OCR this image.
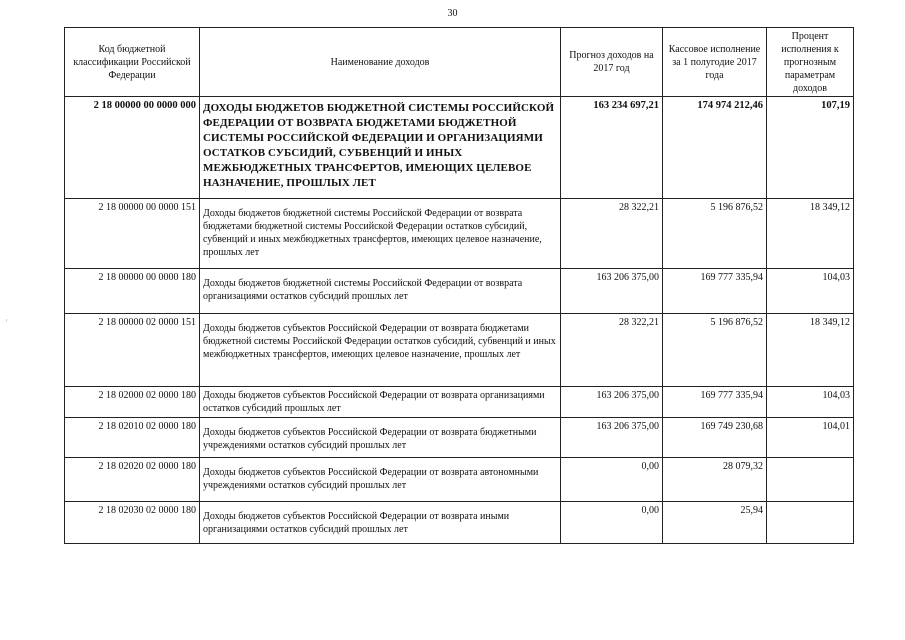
30
'
Код бюджетной классификации Российской Федерации	Наименование доходов	Прогноз доходов на 2017 год	Кассовое исполнение за 1 полугодие 2017 года	Процент исполнения к прогнозным параметрам доходов
2 18 00000 00 0000 000	ДОХОДЫ БЮДЖЕТОВ БЮДЖЕТНОЙ СИСТЕМЫ РОССИЙСКОЙ ФЕДЕРАЦИИ ОТ ВОЗВРАТА БЮДЖЕТАМИ БЮДЖЕТНОЙ СИСТЕМЫ РОССИЙСКОЙ ФЕДЕРАЦИИ И ОРГАНИЗАЦИЯМИ ОСТАТКОВ СУБСИДИЙ, СУБВЕНЦИЙ И ИНЫХ МЕЖБЮДЖЕТНЫХ ТРАНСФЕРТОВ, ИМЕЮЩИХ ЦЕЛЕВОЕ НАЗНАЧЕНИЕ, ПРОШЛЫХ ЛЕТ	163 234 697,21	174 974 212,46	107,19
2 18 00000 00 0000 151	Доходы бюджетов бюджетной системы Российской Федерации от возврата бюджетами бюджетной системы Российской Федерации остатков субсидий, субвенций и иных межбюджетных трансфертов, имеющих целевое назначение, прошлых лет	28 322,21	5 196 876,52	18 349,12
2 18 00000 00 0000 180	Доходы бюджетов бюджетной системы Российской Федерации от возврата организациями остатков субсидий прошлых лет	163 206 375,00	169 777 335,94	104,03
2 18 00000 02 0000 151	Доходы бюджетов субъектов Российской Федерации от возврата бюджетами бюджетной системы Российской Федерации остатков субсидий, субвенций и иных межбюджетных трансфертов, имеющих целевое назначение, прошлых лет	28 322,21	5 196 876,52	18 349,12
2 18 02000 02 0000 180	Доходы бюджетов субъектов Российской Федерации от возврата организациями остатков субсидий прошлых лет	163 206 375,00	169 777 335,94	104,03
2 18 02010 02 0000 180	Доходы бюджетов субъектов Российской Федерации от возврата бюджетными учреждениями остатков субсидий прошлых лет	163 206 375,00	169 749 230,68	104,01
2 18 02020 02 0000 180	Доходы бюджетов субъектов Российской Федерации от возврата автономными учреждениями остатков субсидий прошлых лет	0,00	28 079,32	
2 18 02030 02 0000 180	Доходы бюджетов субъектов Российской Федерации от возврата иными организациями остатков субсидий прошлых лет	0,00	25,94	
